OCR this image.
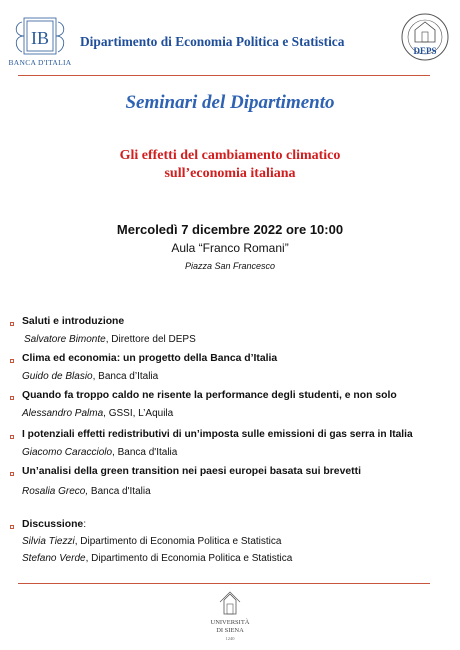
IB
BANCA D'ITALIA
Dipartimento di Economia Politica e Statistica
DEPS
Seminari del Dipartimento
Gli effetti del cambiamento climatico
sull’economia italiana
Mercoledì 7 dicembre 2022 ore 10:00
Aula “Franco Romani”
Piazza San Francesco
Saluti e introduzione
Salvatore Bimonte, Direttore del DEPS
Clima ed economia: un progetto della Banca d’Italia
Guido de Blasio, Banca d’Italia
Quando fa troppo caldo ne risente la performance degli studenti, e non solo
Alessandro Palma, GSSI, L’Aquila
I potenziali effetti redistributivi di un’imposta sulle emissioni di gas serra in Italia
Giacomo Caracciolo, Banca d'Italia
Un’analisi della green transition nei paesi europei basata sui brevetti
Rosalia Greco, Banca d'Italia
Discussione:
Silvia Tiezzi, Dipartimento di Economia Politica e Statistica
Stefano Verde, Dipartimento di Economia Politica e Statistica
UNIVERSITÀ
DI SIENA
1240
